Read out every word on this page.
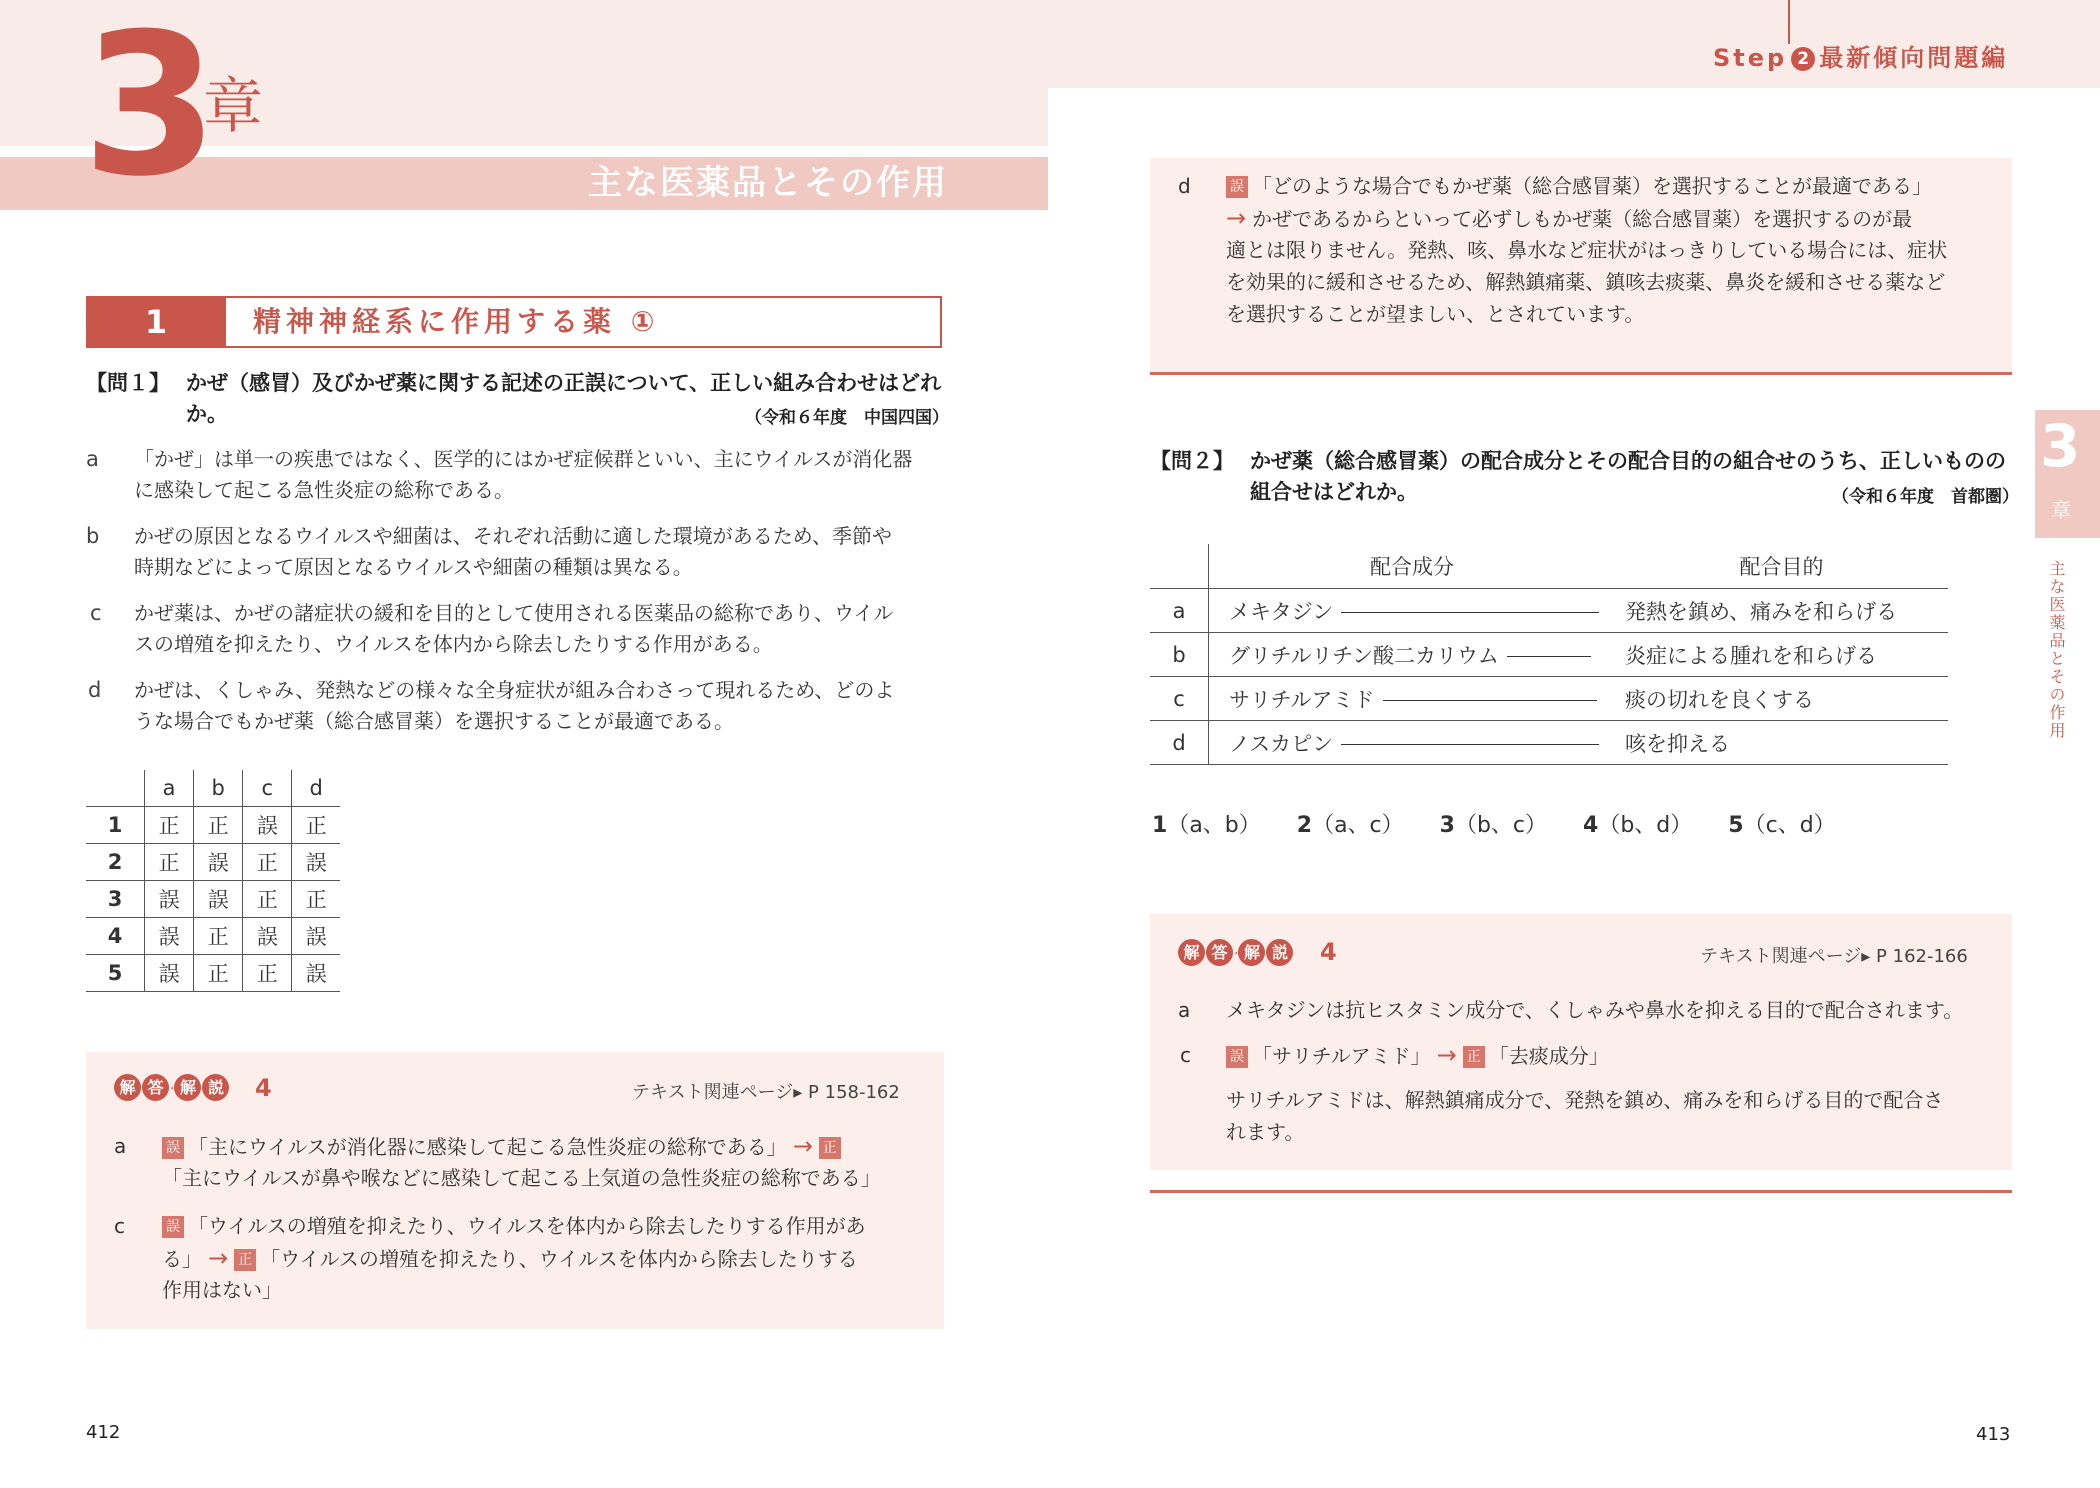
3
章
主な医薬品とその作用
1	精神神経系に作用する薬 ①
【問１】 かぜ（感冒）及びかぜ薬に関する記述の正誤について、正しい組み合わせはどれ
か。	（令和６年度　中国四国）
a 「かぜ」は単一の疾患ではなく、医学的にはかぜ症候群といい、主にウイルスが消化器
に感染して起こる急性炎症の総称である。
b かぜの原因となるウイルスや細菌は、それぞれ活動に適した環境があるため、季節や
時期などによって原因となるウイルスや細菌の種類は異なる。
c かぜ薬は、かぜの諸症状の緩和を目的として使用される医薬品の総称であり、ウイル
スの増殖を抑えたり、ウイルスを体内から除去したりする作用がある。
d かぜは、くしゃみ、発熱などの様々な全身症状が組み合わさって現れるため、どのよ
うな場合でもかぜ薬（総合感冒薬）を選択することが最適である。
	a	b	c	d
1	正	正	誤	正
2	正	誤	正	誤
3	誤	誤	正	正
4	誤	正	誤	誤
5	誤	正	正	誤
解 答 · 解 説 4	テキスト関連ページ▸ P 158-162
a	誤 「主にウイルスが消化器に感染して起こる急性炎症の総称である」 → 正
「主にウイルスが鼻や喉などに感染して起こる上気道の急性炎症の総称である」
c	誤 「ウイルスの増殖を抑えたり、ウイルスを体内から除去したりする作用があ
る」 → 正 「ウイルスの増殖を抑えたり、ウイルスを体内から除去したりする
作用はない」
412
Step 2 最新傾向問題編
d	誤 「どのような場合でもかぜ薬（総合感冒薬）を選択することが最適である」
→ かぜであるからといって必ずしもかぜ薬（総合感冒薬）を選択するのが最
適とは限りません。発熱、咳、鼻水など症状がはっきりしている場合には、症状
を効果的に緩和させるため、解熱鎮痛薬、鎮咳去痰薬、鼻炎を緩和させる薬など
を選択することが望ましい、とされています。
3
章
主な医薬品とその作用
【問２】 かぜ薬（総合感冒薬）の配合成分とその配合目的の組合せのうち、正しいものの
組合せはどれか。	（令和６年度　首都圏）
	配合成分	配合目的
a	メキタジン	発熱を鎮め、痛みを和らげる
b	グリチルリチン酸二カリウム	炎症による腫れを和らげる
c	サリチルアミド	痰の切れを良くする
d	ノスカピン	咳を抑える
1（a、b） 2（a、c） 3（b、c） 4（b、d） 5（c、d）
解 答 · 解 説 4	テキスト関連ページ▸ P 162-166
a メキタジンは抗ヒスタミン成分で、くしゃみや鼻水を抑える目的で配合されます。
c	誤 「サリチルアミド」 → 正 「去痰成分」
サリチルアミドは、解熱鎮痛成分で、発熱を鎮め、痛みを和らげる目的で配合さ
れます。
413
